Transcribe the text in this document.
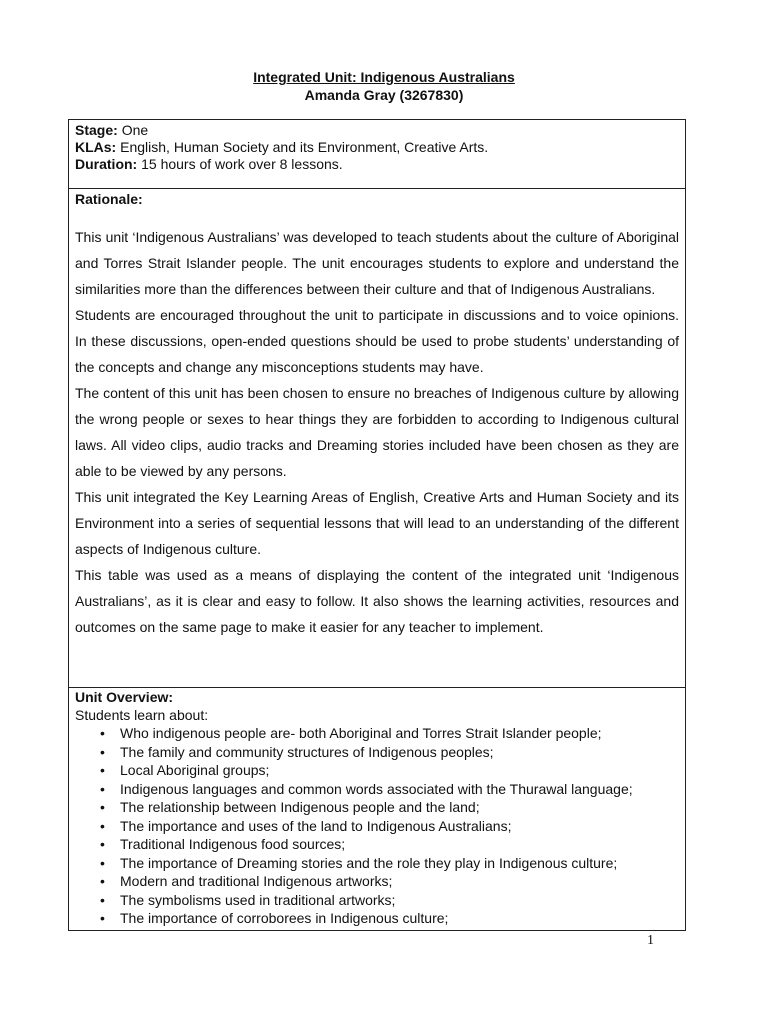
Integrated Unit: Indigenous Australians
Amanda Gray (3267830)
Stage: One
KLAs: English, Human Society and its Environment, Creative Arts.
Duration: 15 hours of work over 8 lessons.
Rationale:

This unit ‘Indigenous Australians’ was developed to teach students about the culture of Aboriginal and Torres Strait Islander people. The unit encourages students to explore and understand the similarities more than the differences between their culture and that of Indigenous Australians.

Students are encouraged throughout the unit to participate in discussions and to voice opinions. In these discussions, open-ended questions should be used to probe students’ understanding of the concepts and change any misconceptions students may have.

The content of this unit has been chosen to ensure no breaches of Indigenous culture by allowing the wrong people or sexes to hear things they are forbidden to according to Indigenous cultural laws. All video clips, audio tracks and Dreaming stories included have been chosen as they are able to be viewed by any persons.

This unit integrated the Key Learning Areas of English, Creative Arts and Human Society and its Environment into a series of sequential lessons that will lead to an understanding of the different aspects of Indigenous culture.

This table was used as a means of displaying the content of the integrated unit ‘Indigenous Australians’, as it is clear and easy to follow. It also shows the learning activities, resources and outcomes on the same page to make it easier for any teacher to implement.

Unit Overview:
Students learn about:
• Who indigenous people are- both Aboriginal and Torres Strait Islander people;
• The family and community structures of Indigenous peoples;
• Local Aboriginal groups;
• Indigenous languages and common words associated with the Thurawal language;
• The relationship between Indigenous people and the land;
• The importance and uses of the land to Indigenous Australians;
• Traditional Indigenous food sources;
• The importance of Dreaming stories and the role they play in Indigenous culture;
• Modern and traditional Indigenous artworks;
• The symbolisms used in traditional artworks;
• The importance of corroborees in Indigenous culture;
1
